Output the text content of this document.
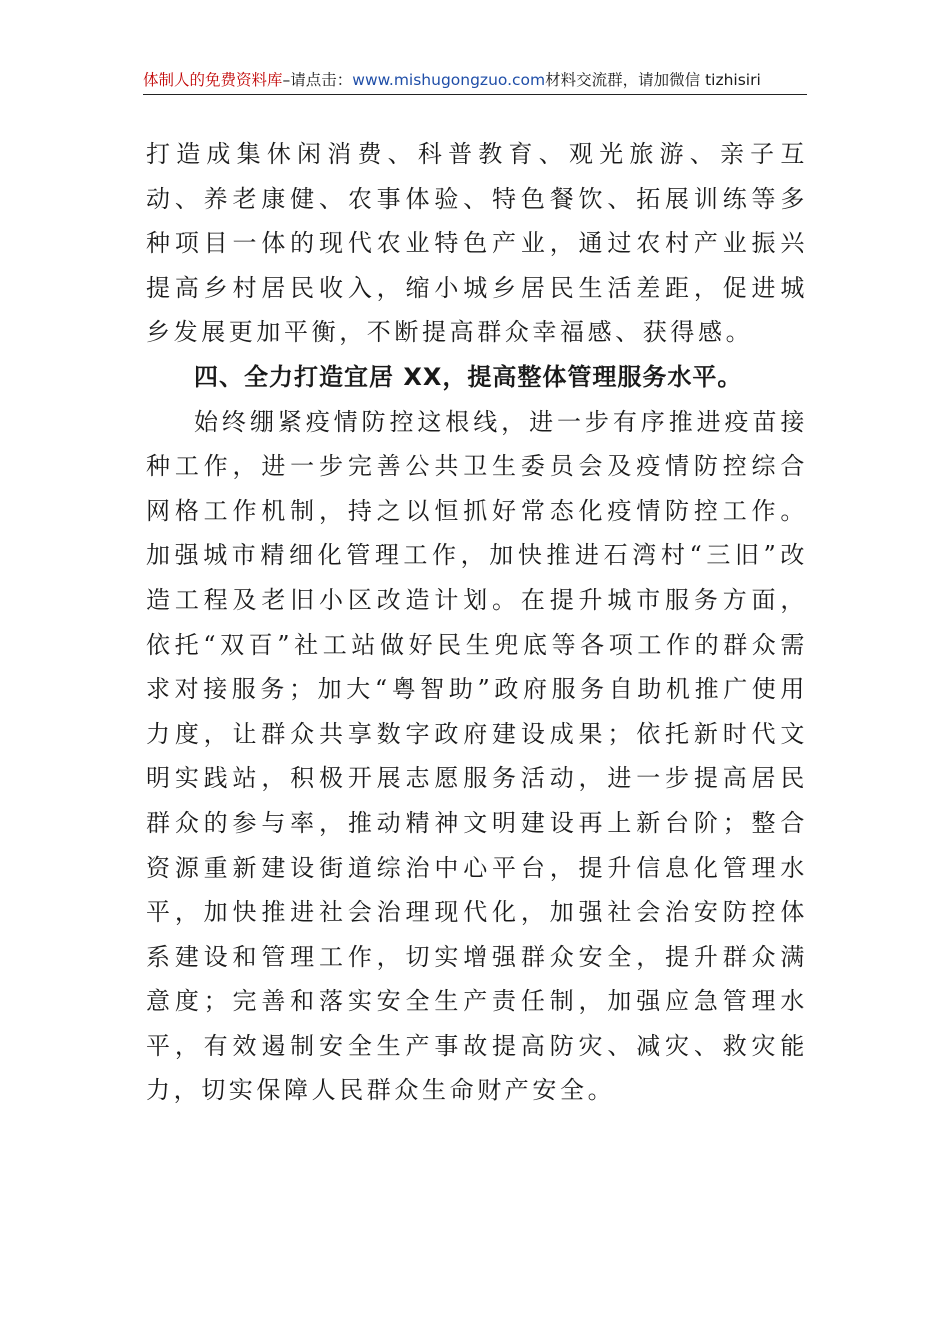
体制人的免费资料库–请点击：www.mishugongzuo.com材料交流群，请加微信 tizhisiri

打造成集休闲消费、科普教育、观光旅游、亲子互动、养老康健、农事体验、特色餐饮、拓展训练等多种项目一体的现代农业特色产业，通过农村产业振兴提高乡村居民收入，缩小城乡居民生活差距，促进城乡发展更加平衡，不断提高群众幸福感、获得感。

四、全力打造宜居 XX，提高整体管理服务水平。

始终绷紧疫情防控这根线，进一步有序推进疫苗接种工作，进一步完善公共卫生委员会及疫情防控综合网格工作机制，持之以恒抓好常态化疫情防控工作。加强城市精细化管理工作，加快推进石湾村“三旧”改造工程及老旧小区改造计划。在提升城市服务方面，依托“双百”社工站做好民生兜底等各项工作的群众需求对接服务；加大“粤智助”政府服务自助机推广使用力度，让群众共享数字政府建设成果；依托新时代文明实践站，积极开展志愿服务活动，进一步提高居民群众的参与率，推动精神文明建设再上新台阶；整合资源重新建设街道综治中心平台，提升信息化管理水平，加快推进社会治理现代化，加强社会治安防控体系建设和管理工作，切实增强群众安全，提升群众满意度；完善和落实安全生产责任制，加强应急管理水平，有效遏制安全生产事故提高防灾、减灾、救灾能力，切实保障人民群众生命财产安全。
